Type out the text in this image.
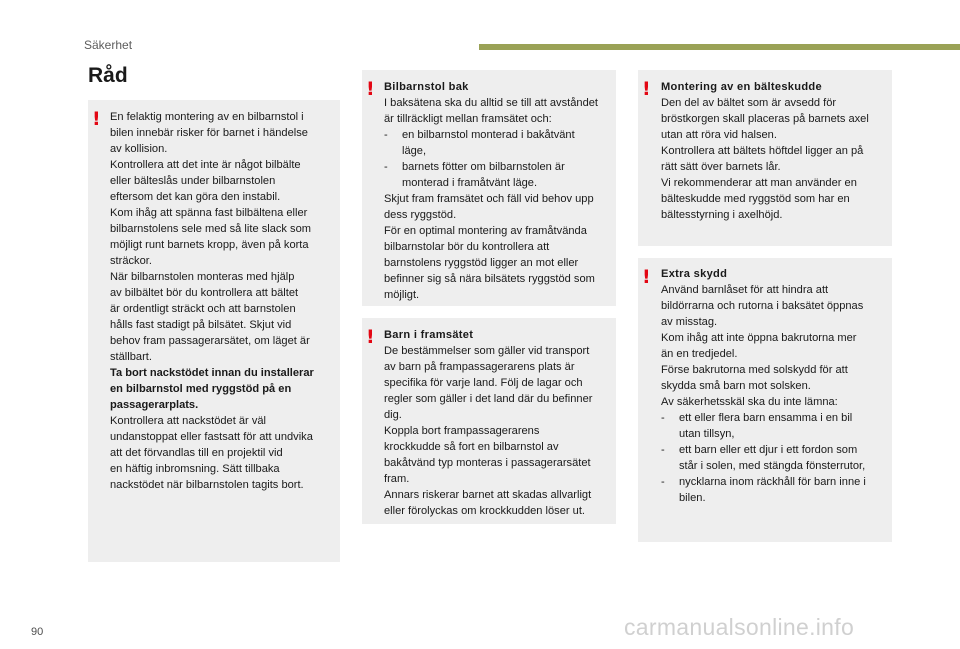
Säkerhet
Råd
! En felaktig montering av en bilbarnstol i

bilen innebär risker för barnet i händelse

av kollision.

Kontrollera att det inte är något bilbälte

eller bälteslås under bilbarnstolen

eftersom det kan göra den instabil.

Kom ihåg att spänna fast bilbältena eller

bilbarnstolens sele med så lite slack som

möjligt runt barnets kropp, även på korta

sträckor.

När bilbarnstolen monteras med hjälp

av bilbältet bör du kontrollera att bältet

är ordentligt sträckt och att barnstolen

hålls fast stadigt på bilsätet. Skjut vid

behov fram passagerarsätet, om läget är

ställbart.

Ta bort nackstödet innan du installerar

en bilbarnstol med ryggstöd på en

passagerarplats.

Kontrollera att nackstödet är väl

undanstoppat eller fastsatt för att undvika

att det förvandlas till en projektil vid

en häftig inbromsning. Sätt tillbaka

nackstödet när bilbarnstolen tagits bort.

! Bilbarnstol bak

I baksätena ska du alltid se till att avståndet

är tillräckligt mellan framsätet och:

- en bilbarnstol monterad i bakåtvänt

läge,

- barnets fötter om bilbarnstolen är

monterad i framåtvänt läge.

Skjut fram framsätet och fäll vid behov upp

dess ryggstöd.

För en optimal montering av framåtvända

bilbarnstolar bör du kontrollera att

barnstolens ryggstöd ligger an mot eller

befinner sig så nära bilsätets ryggstöd som

möjligt.

! Barn i framsätet

De bestämmelser som gäller vid transport

av barn på frampassagerarens plats är

specifika för varje land. Följ de lagar och

regler som gäller i det land där du befinner

dig.

Koppla bort frampassagerarens

krockkudde så fort en bilbarnstol av

bakåtvänd typ monteras i passagerarsätet

fram.

Annars riskerar barnet att skadas allvarligt

eller förolyckas om krockkudden löser ut.

! Montering av en bälteskudde

Den del av bältet som är avsedd för

bröstkorgen skall placeras på barnets axel

utan att röra vid halsen.

Kontrollera att bältets höftdel ligger an på

rätt sätt över barnets lår.

Vi rekommenderar att man använder en

bälteskudde med ryggstöd som har en

bältesstyrning i axelhöjd.

! Extra skydd

Använd barnlåset för att hindra att

bildörrarna och rutorna i baksätet öppnas

av misstag.

Kom ihåg att inte öppna bakrutorna mer

än en tredjedel.

Förse bakrutorna med solskydd för att

skydda små barn mot solsken.

Av säkerhetsskäl ska du inte lämna:

- ett eller flera barn ensamma i en bil

utan tillsyn,

- ett barn eller ett djur i ett fordon som

står i solen, med stängda fönsterrutor,

- nycklarna inom räckhåll för barn inne i

bilen.

90	carmanualsonline.info
